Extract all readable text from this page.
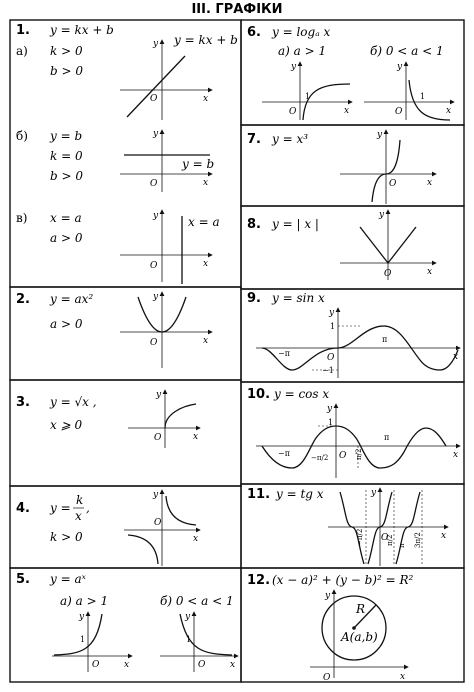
III. ГРАФІКИ
1. y = kx + b
а) k > 0
b > 0
y
x
O
y = kx + b
б) y = b
k = 0
b > 0
y
x
O
y = b
в) x = a
a > 0
y
x
O
x = a
2. y = ax²
a > 0
y
x
O
3. y = √x ,
x ⩾ 0
y
x
O
4. y =
k
x
,
k > 0
y
x
O
5. y = aˣ
а) a > 1	б) 0 < a < 1
y
x
O
1
y
x
O
1
6. y = logₐ x
а) a > 1	б) 0 < a < 1
y
x
O
1
y
x
O
1
7. y = x³	y
x
O
8. y = | x |
y
x
O
9. y = sin x
y
x
O
1
−1
π
−π
10. y = cos x
y
x
O
1
π
−π	−π/2	π/2
11. y = tg x	y
x
O
−π/2	π/2 π 3π/2
12. (x − a)² + (y − b)² = R²
y
x
O
R
A(a,b)
